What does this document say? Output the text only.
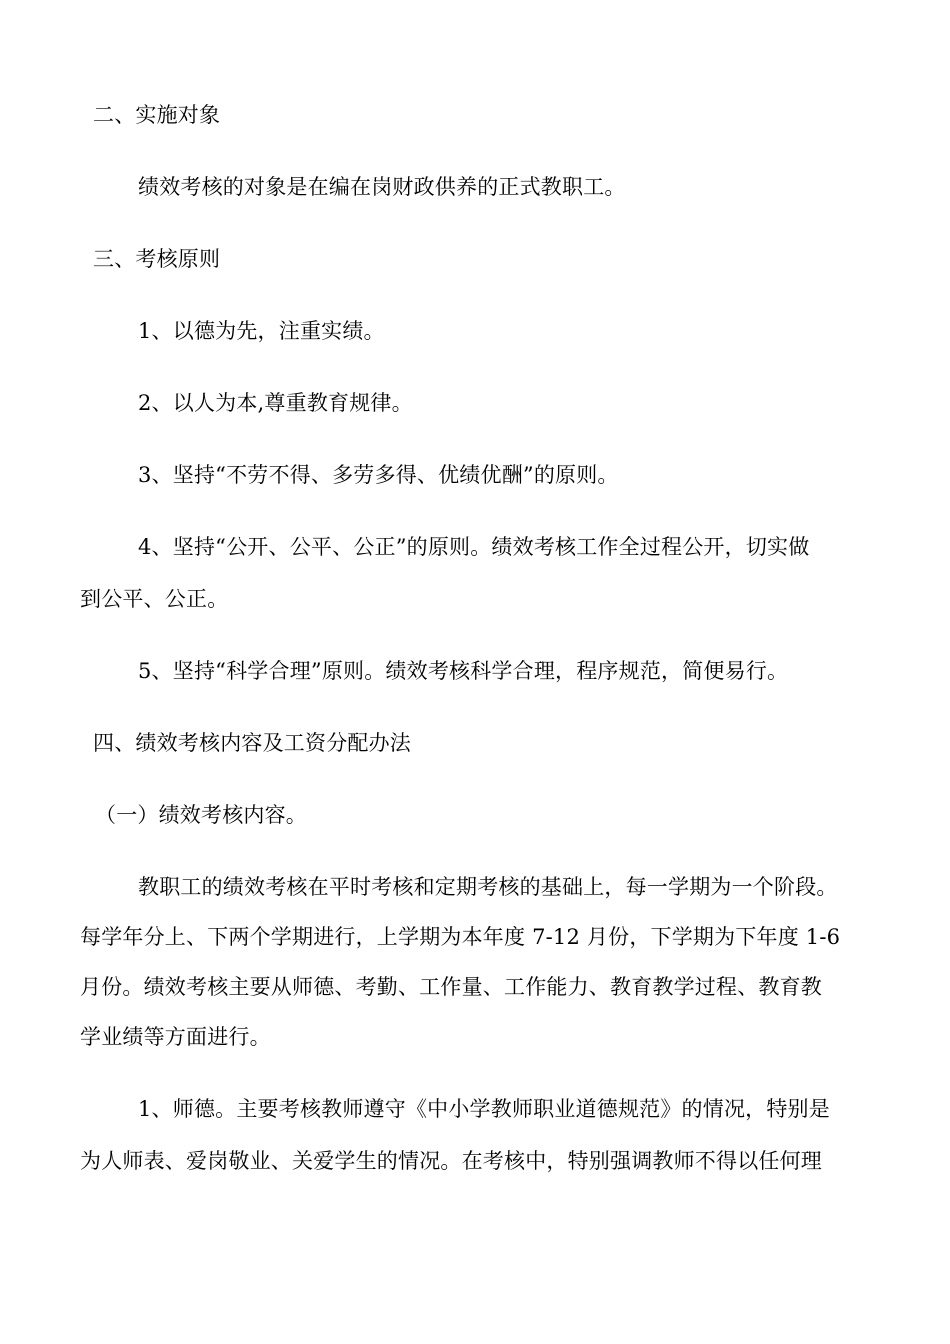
二、实施对象
绩效考核的对象是在编在岗财政供养的正式教职工。
三、考核原则
1、以德为先，注重实绩。
2、以人为本,尊重教育规律。
3、坚持“不劳不得、多劳多得、优绩优酬”的原则。
4、坚持“公开、公平、公正”的原则。绩效考核工作全过程公开，切实做
到公平、公正。
5、坚持“科学合理”原则。绩效考核科学合理，程序规范，简便易行。
四、绩效考核内容及工资分配办法
（一）绩效考核内容。
教职工的绩效考核在平时考核和定期考核的基础上，每一学期为一个阶段。
每学年分上、下两个学期进行，上学期为本年度 7-12 月份，下学期为下年度 1-6
月份。绩效考核主要从师德、考勤、工作量、工作能力、教育教学过程、教育教
学业绩等方面进行。
1、师德。主要考核教师遵守《中小学教师职业道德规范》的情况，特别是
为人师表、爱岗敬业、关爱学生的情况。在考核中，特别强调教师不得以任何理
